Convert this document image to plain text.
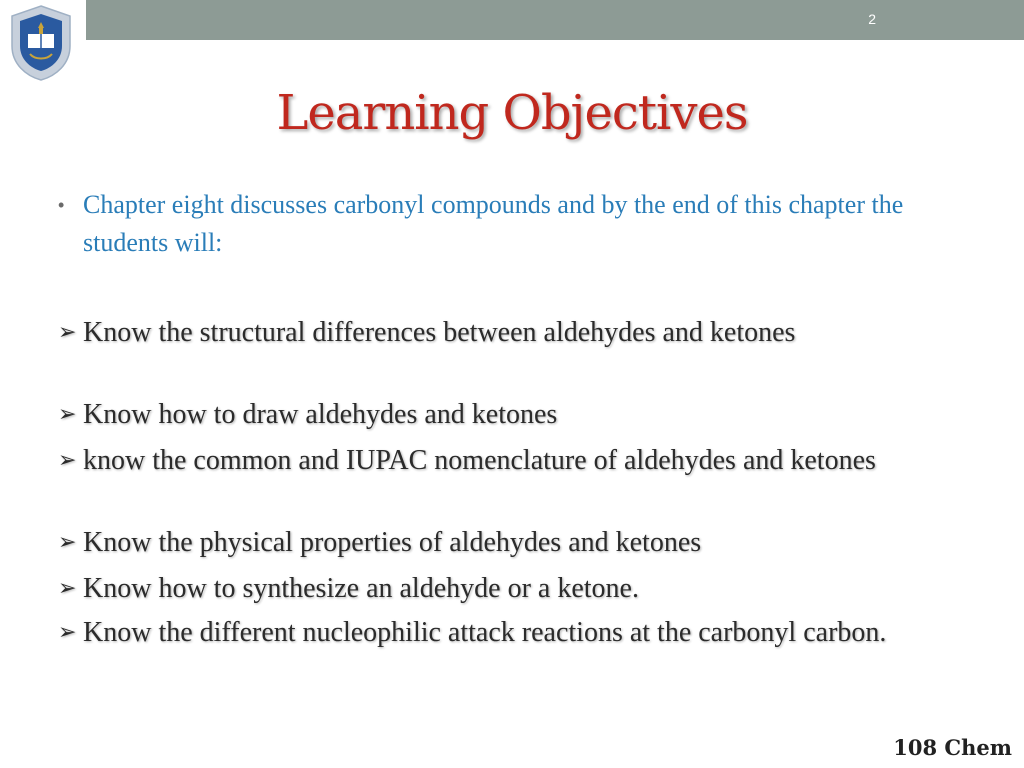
2
Learning Objectives
• Chapter eight discusses carbonyl compounds and by the end of this chapter the students will:
➢ Know the structural differences between aldehydes and ketones
➢ Know how to draw aldehydes and ketones
➢ know the common and IUPAC nomenclature of aldehydes and ketones
➢ Know the physical properties of aldehydes and ketones
➢ Know how to synthesize an aldehyde or a ketone.
➢ Know the different nucleophilic attack reactions at the carbonyl carbon.
108 Chem
